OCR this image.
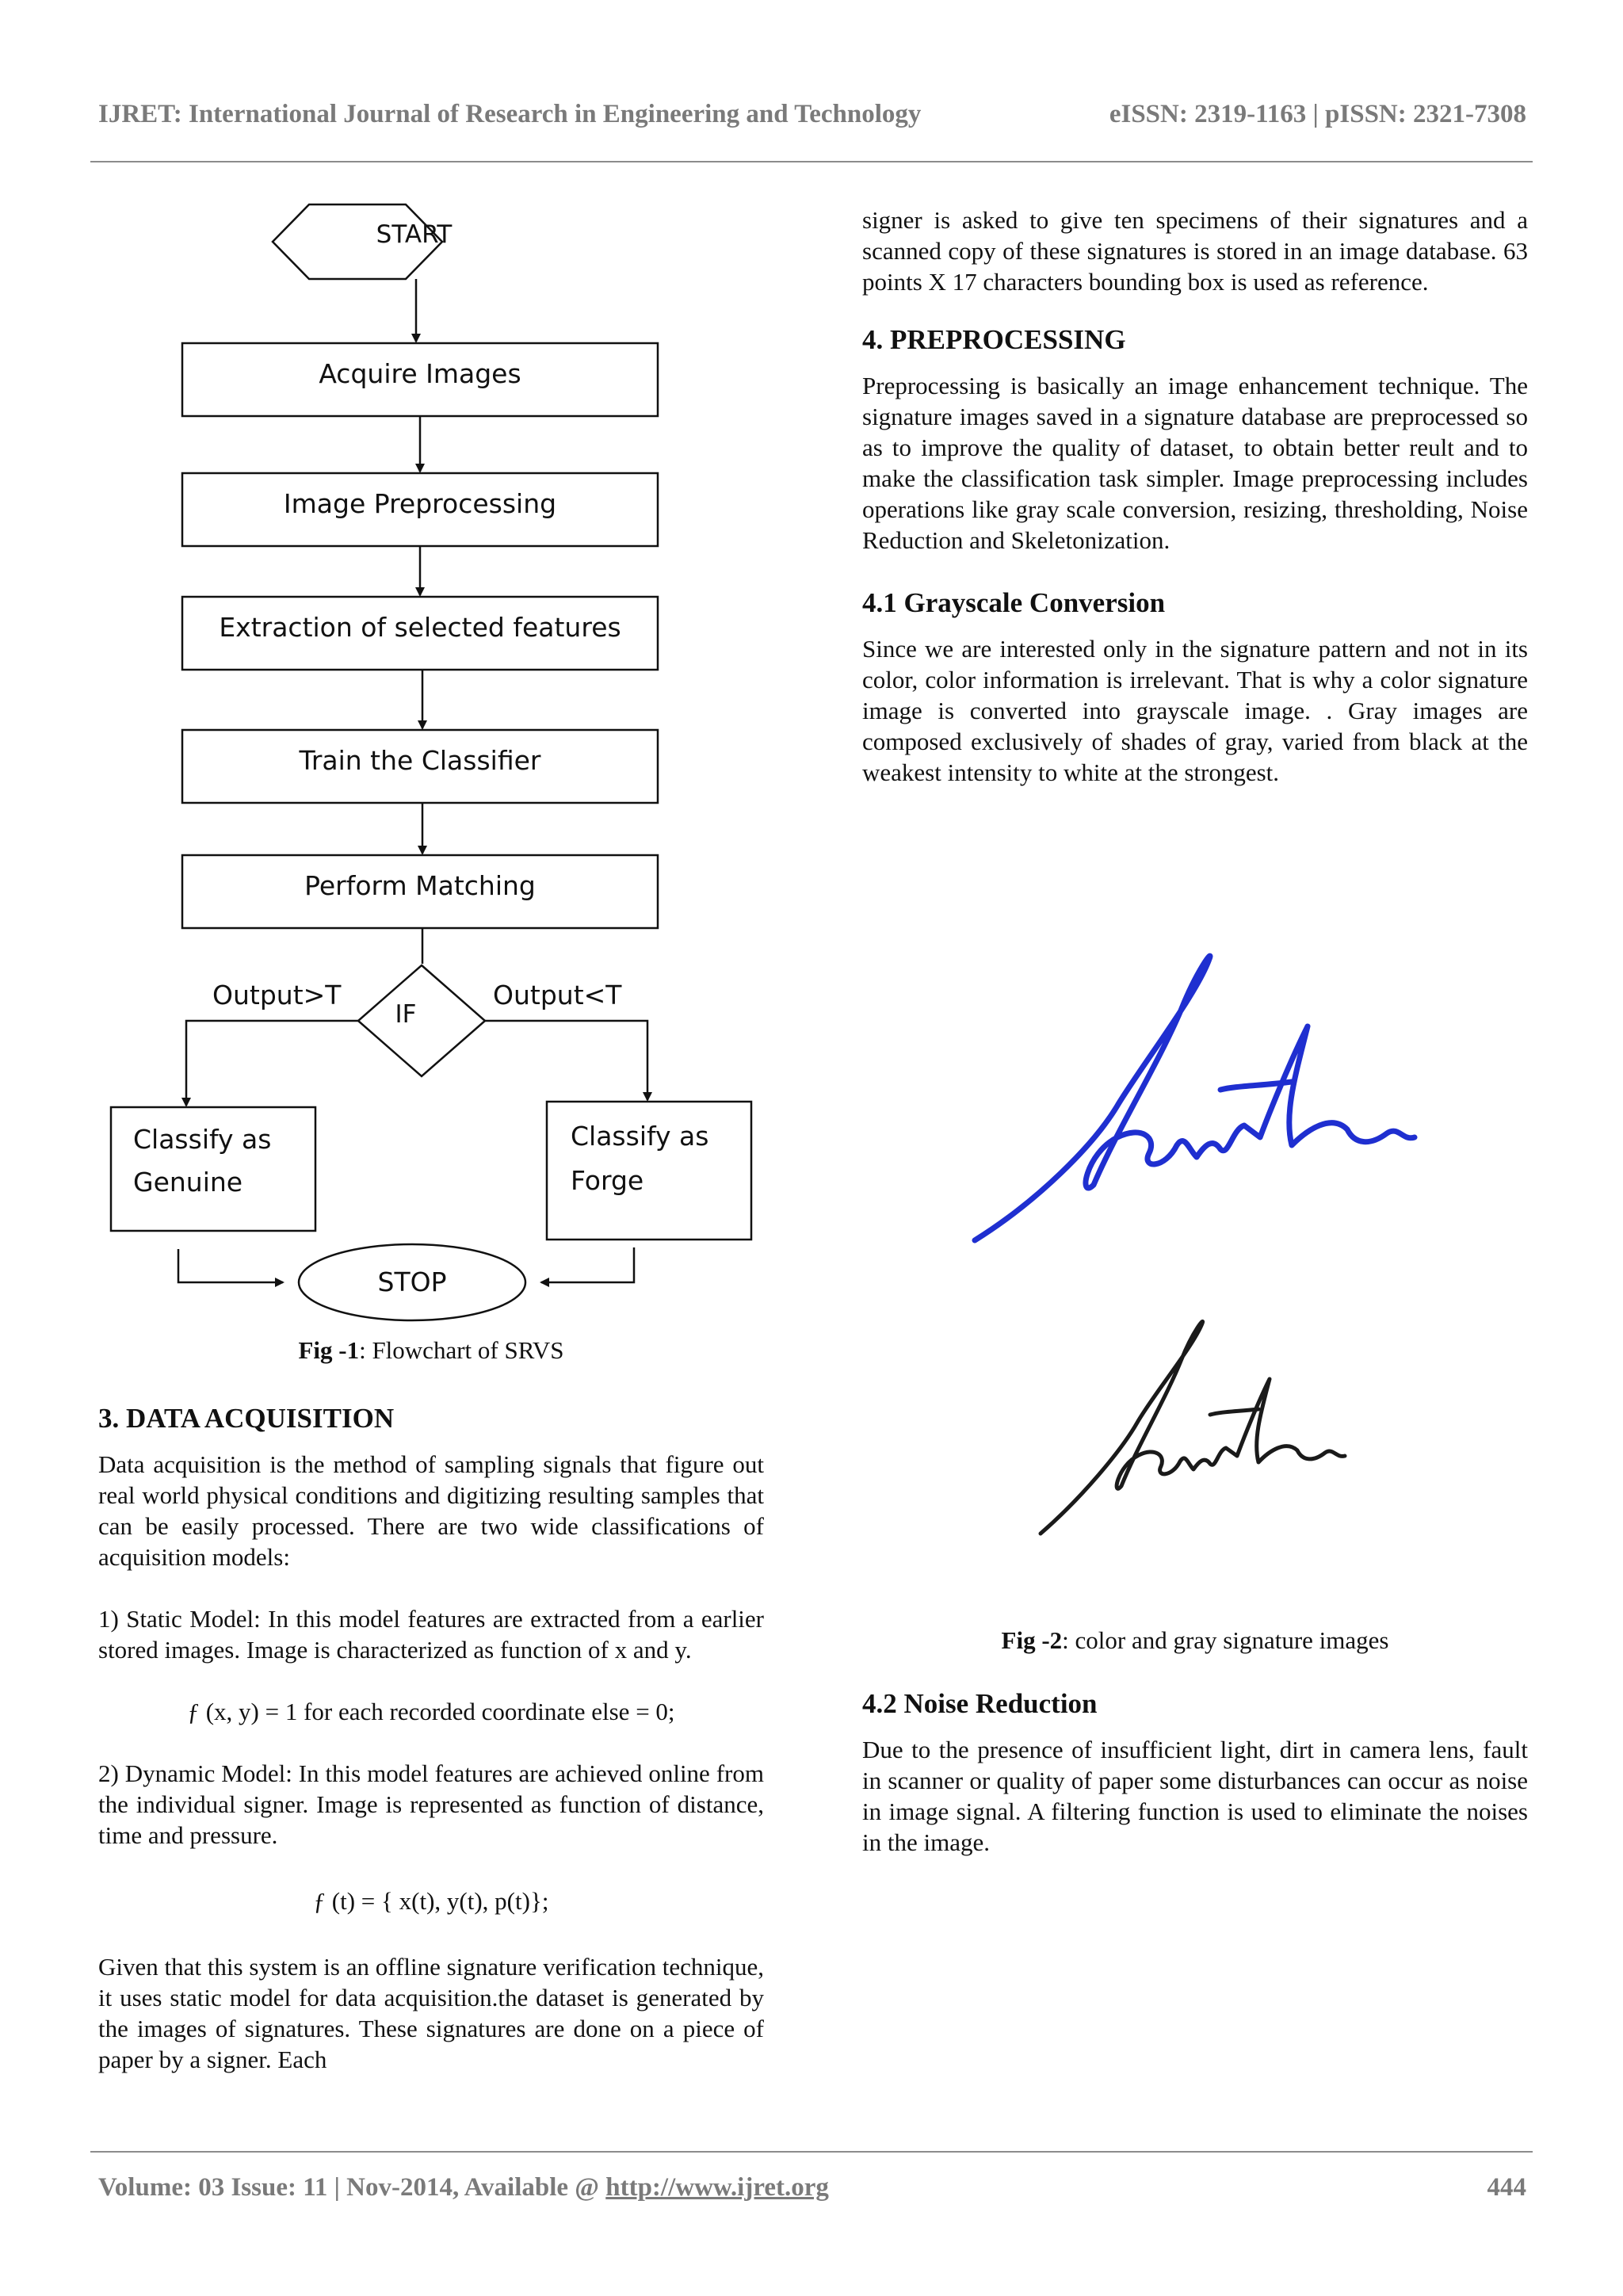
IJRET: International Journal of Research in Engineering and Technology	eISSN: 2319-1163 | pISSN: 2321-7308
START
Acquire Images
Image Preprocessing
Extraction of selected features
Train the Classifier
Perform Matching
IF
Output>T	Output<T
Classify as
Genuine
Classify as
Forge
STOP
Fig -1: Flowchart of SRVS
3. DATA ACQUISITION

Data acquisition is the method of sampling signals that figure out real world physical conditions and digitizing resulting samples that can be easily processed. There are two wide classifications of acquisition models:

1) Static Model: In this model features are extracted from a earlier stored images. Image is characterized as function of x and y.

ƒ (x, y) = 1 for each recorded coordinate else = 0;

2) Dynamic Model: In this model features are achieved online from the individual signer. Image is represented as function of distance, time and pressure.

ƒ (t) = { x(t), y(t), p(t)};

Given that this system is an offline signature verification technique, it uses static model for data acquisition.the dataset is generated by the images of signatures. These signatures are done on a piece of paper by a signer. Each

signer is asked to give ten specimens of their signatures and a scanned copy of these signatures is stored in an image database. 63 points X 17 characters bounding box is used as reference.

4. PREPROCESSING

Preprocessing is basically an image enhancement technique. The signature images saved in a signature database are preprocessed so as to improve the quality of dataset, to obtain better reult and to make the classification task simpler. Image preprocessing includes operations like gray scale conversion, resizing, thresholding, Noise Reduction and Skeletonization.

4.1 Grayscale Conversion

Since we are interested only in the signature pattern and not in its color, color information is irrelevant. That is why a color signature image is converted into grayscale image. . Gray images are composed exclusively of shades of gray, varied from black at the weakest intensity to white at the strongest.

Fig -2: color and gray signature images
4.2 Noise Reduction

Due to the presence of insufficient light, dirt in camera lens, fault in scanner or quality of paper some disturbances can occur as noise in image signal. A filtering function is used to eliminate the noises in the image.

Volume: 03 Issue: 11 | Nov-2014, Available @ http://www.ijret.org	444
